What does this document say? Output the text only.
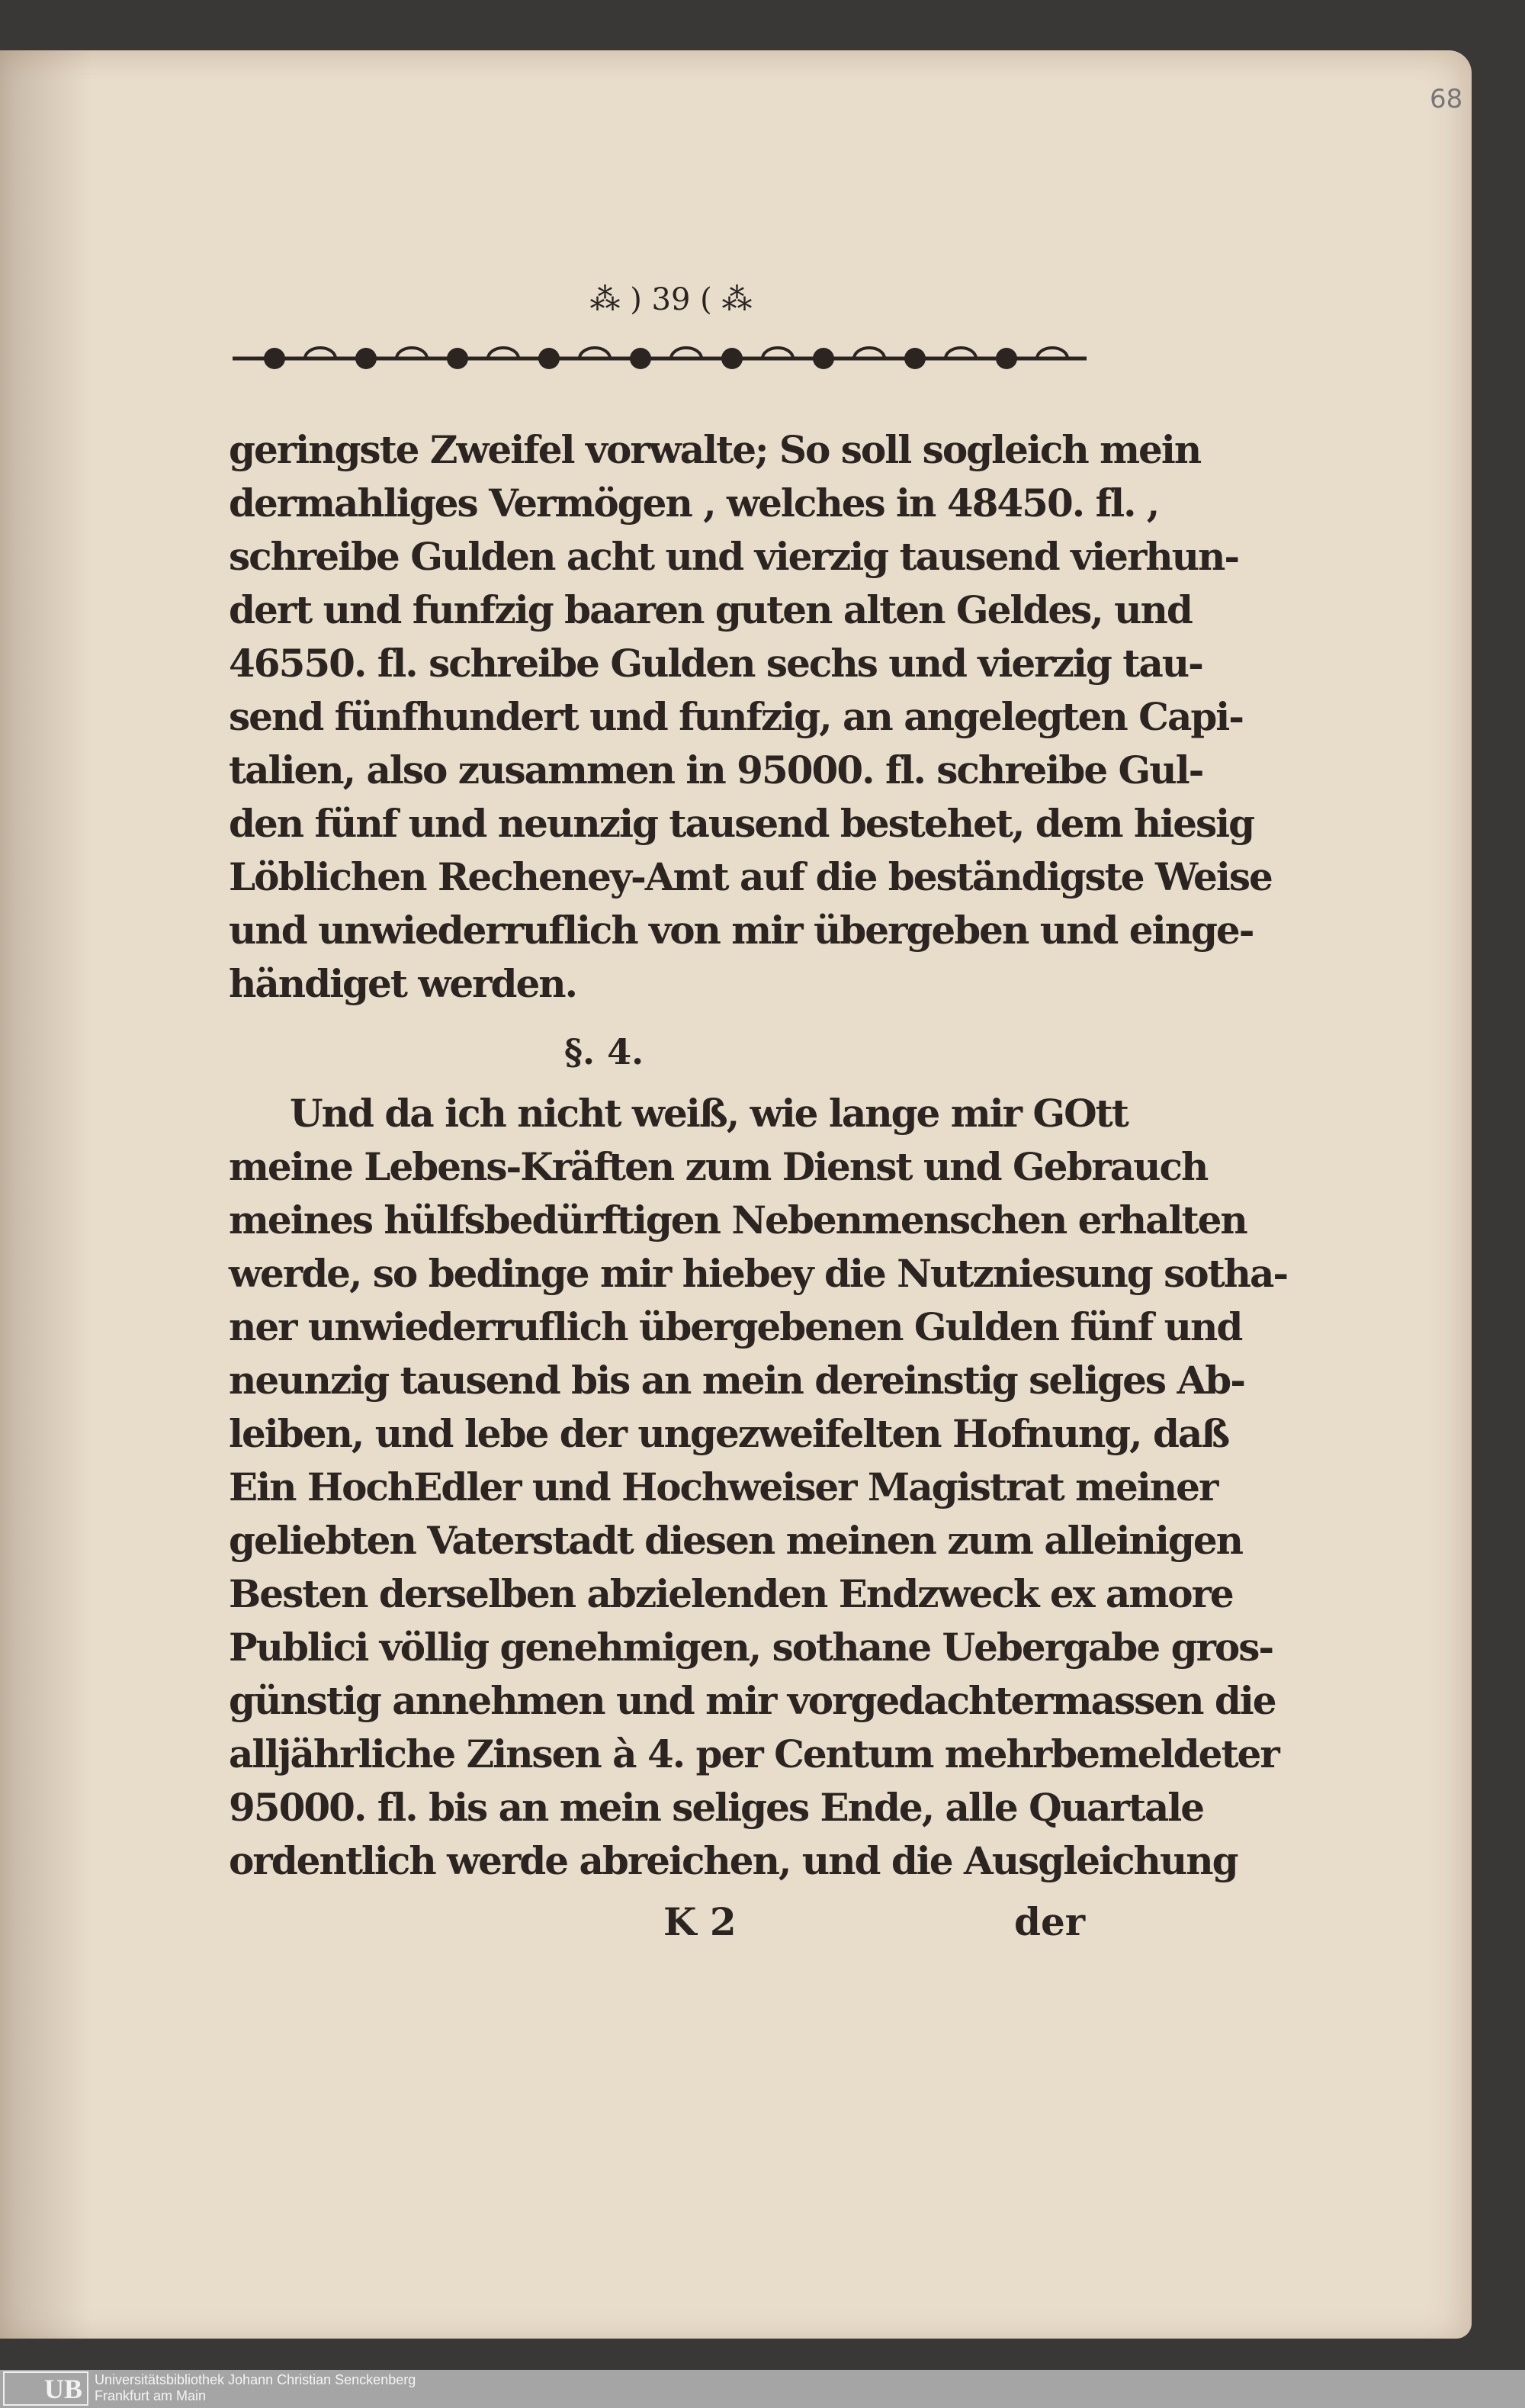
68
⁂ ) 39 ( ⁂
geringste Zweifel vorwalte; So soll sogleich mein
dermahliges Vermögen , welches in 48450. fl. ,
schreibe Gulden acht und vierzig tausend vierhun-
dert und funfzig baaren guten alten Geldes, und
46550. fl. schreibe Gulden sechs und vierzig tau-
send fünfhundert und funfzig, an angelegten Capi-
talien, also zusammen in 95000. fl. schreibe Gul-
den fünf und neunzig tausend bestehet, dem hiesig
Löblichen Recheney-Amt auf die beständigste Weise
und unwiederruflich von mir übergeben und einge-
händiget werden.
§. 4.
Und da ich nicht weiß, wie lange mir GOtt
meine Lebens-Kräften zum Dienst und Gebrauch
meines hülfsbedürftigen Nebenmenschen erhalten
werde, so bedinge mir hiebey die Nutzniesung sotha-
ner unwiederruflich übergebenen Gulden fünf und
neunzig tausend bis an mein dereinstig seliges Ab-
leiben, und lebe der ungezweifelten Hofnung, daß
Ein HochEdler und Hochweiser Magistrat meiner
geliebten Vaterstadt diesen meinen zum alleinigen
Besten derselben abzielenden Endzweck ex amore
Publici völlig genehmigen, sothane Uebergabe gros-
günstig annehmen und mir vorgedachtermassen die
alljährliche Zinsen à 4. per Centum mehrbemeldeter
95000. fl. bis an mein seliges Ende, alle Quartale
ordentlich werde abreichen, und die Ausgleichung
K 2	der
UB Universitätsbibliothek Johann Christian Senckenberg
Frankfurt am Main
